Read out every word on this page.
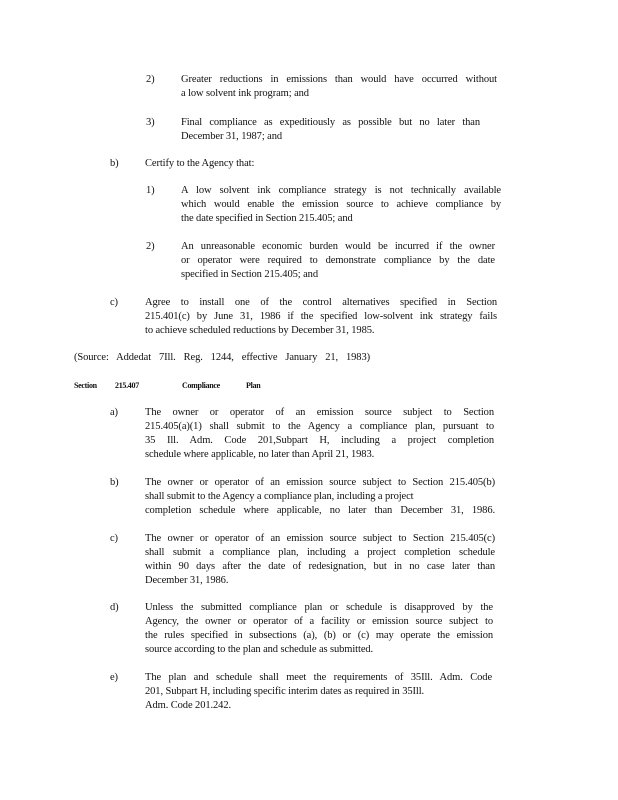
2)	Greater reductions in emissions than would have occurred without
a low solvent ink program; and
3)	Final compliance as expeditiously as possible but no later than
December 31, 1987; and
b)	Certify to the Agency that:
1)	A low solvent ink compliance strategy is not technically available
which would enable the emission source to achieve compliance by
the date specified in Section 215.405; and
2)	An unreasonable economic burden would be incurred if the owner
or operator were required to demonstrate compliance by the date
specified in Section 215.405; and
c)	Agree to install one of the control alternatives specified in Section
215.401(c) by June 31, 1986 if the specified low-solvent ink strategy fails
to achieve scheduled reductions by December 31, 1985.
(Source: Addedat 7Ill. Reg. 1244, effective January 21, 1983)
Section 215.407	Compliance	Plan
a)	The owner or operator of an emission source subject to Section
215.405(a)(1) shall submit to the Agency a compliance plan, pursuant to
35 Ill. Adm. Code 201,Subpart H, including a project completion
schedule where applicable, no later than April 21, 1983.
b)	The owner or operator of an emission source subject to Section 215.405(b)
shall submit to the Agency a compliance plan, including a project
completion schedule where applicable, no later than December 31, 1986.
c)	The owner or operator of an emission source subject to Section 215.405(c)
shall submit a compliance plan, including a project completion schedule
within 90 days after the date of redesignation, but in no case later than
December 31, 1986.
d)	Unless the submitted compliance plan or schedule is disapproved by the
Agency, the owner or operator of a facility or emission source subject to
the rules specified in subsections (a), (b) or (c) may operate the emission
source according to the plan and schedule as submitted.
e)	The plan and schedule shall meet the requirements of 35Ill. Adm. Code
201, Subpart H, including specific interim dates as required in 35Ill.
Adm. Code 201.242.
